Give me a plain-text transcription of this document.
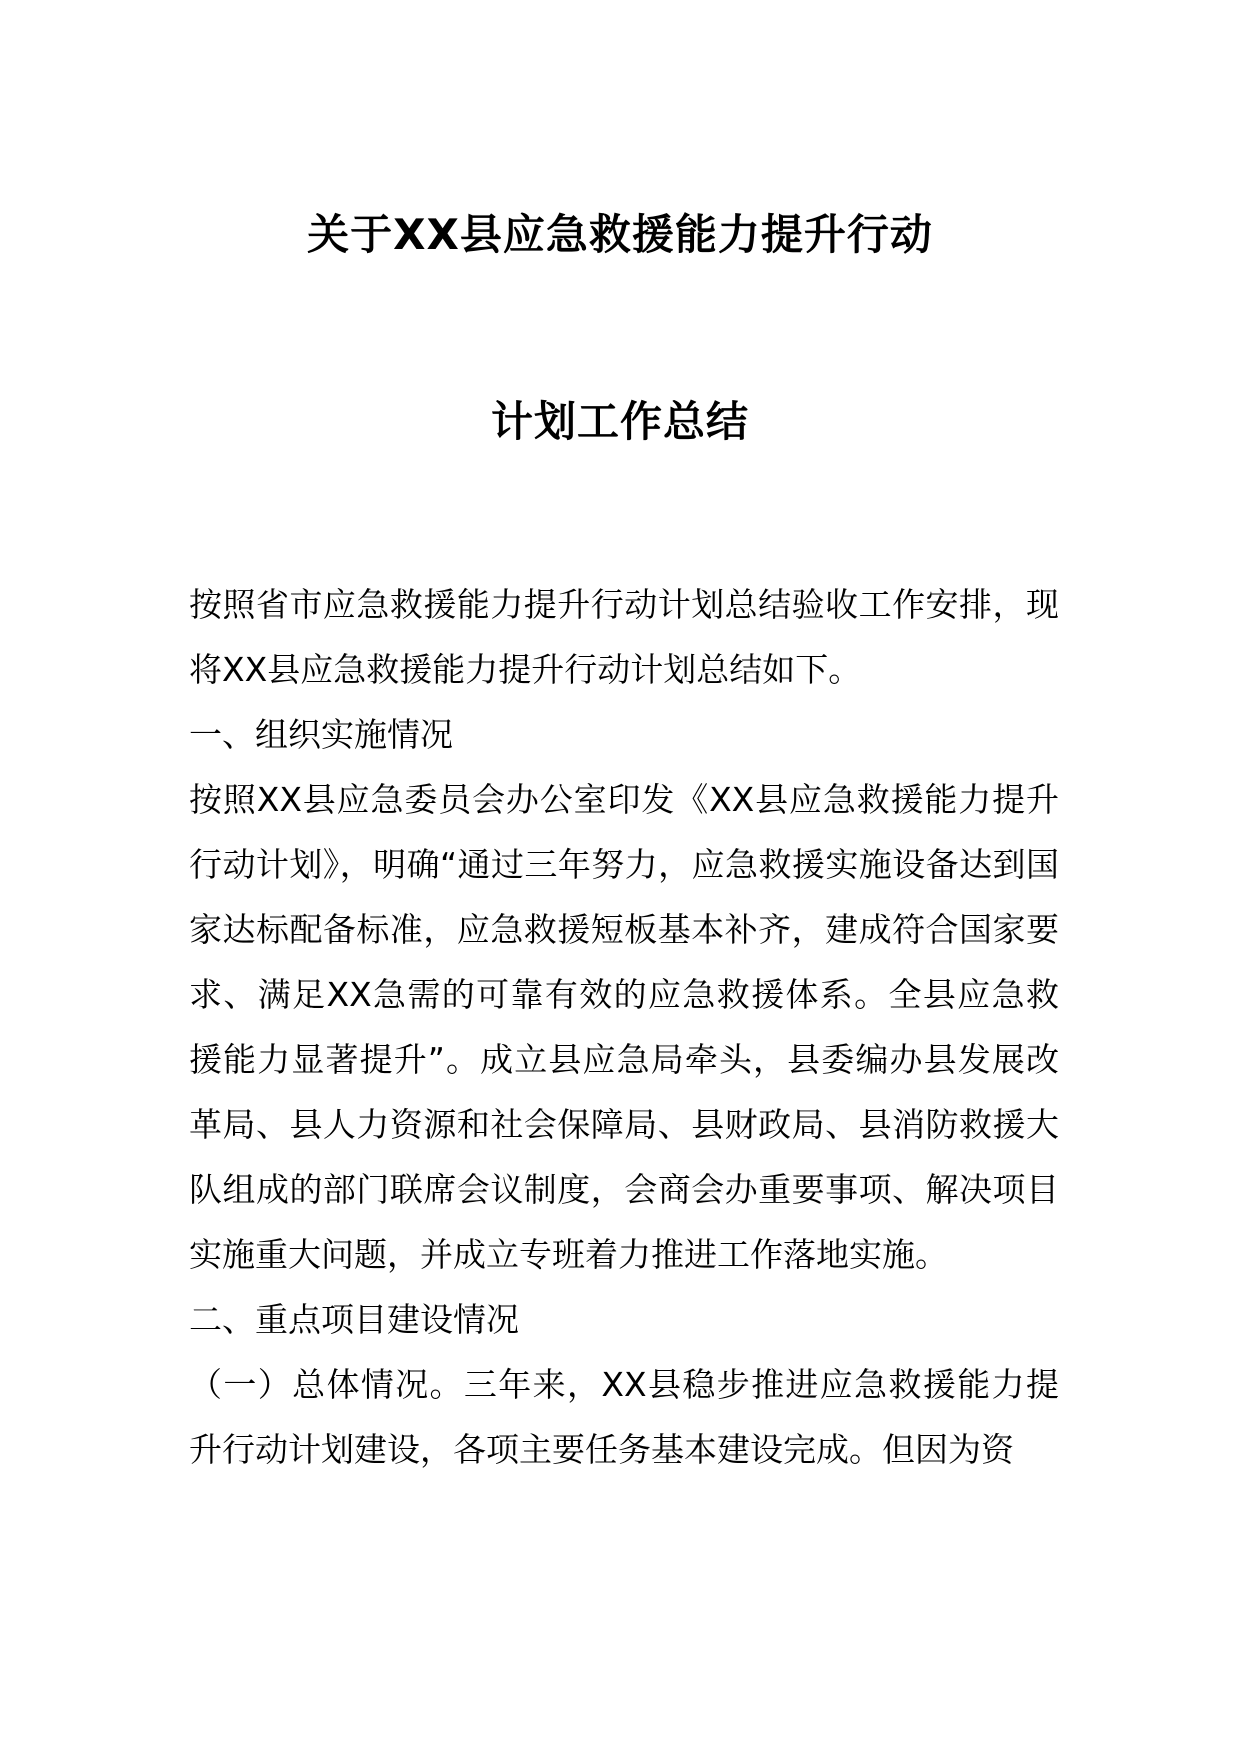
关于XX县应急救援能力提升行动
计划工作总结

按照省市应急救援能力提升行动计划总结验收工作安排，现将XX县应急救援能力提升行动计划总结如下。

一、组织实施情况

按照XX县应急委员会办公室印发《XX县应急救援能力提升行动计划》，明确“通过三年努力，应急救援实施设备达到国家达标配备标准，应急救援短板基本补齐，建成符合国家要求、满足XX急需的可靠有效的应急救援体系。全县应急救援能力显著提升”。成立县应急局牵头，县委编办县发展改革局、县人力资源和社会保障局、县财政局、县消防救援大队组成的部门联席会议制度，会商会办重要事项、解决项目实施重大问题，并成立专班着力推进工作落地实施。

二、重点项目建设情况

（一）总体情况。三年来，XX县稳步推进应急救援能力提升行动计划建设，各项主要任务基本建设完成。但因为资
